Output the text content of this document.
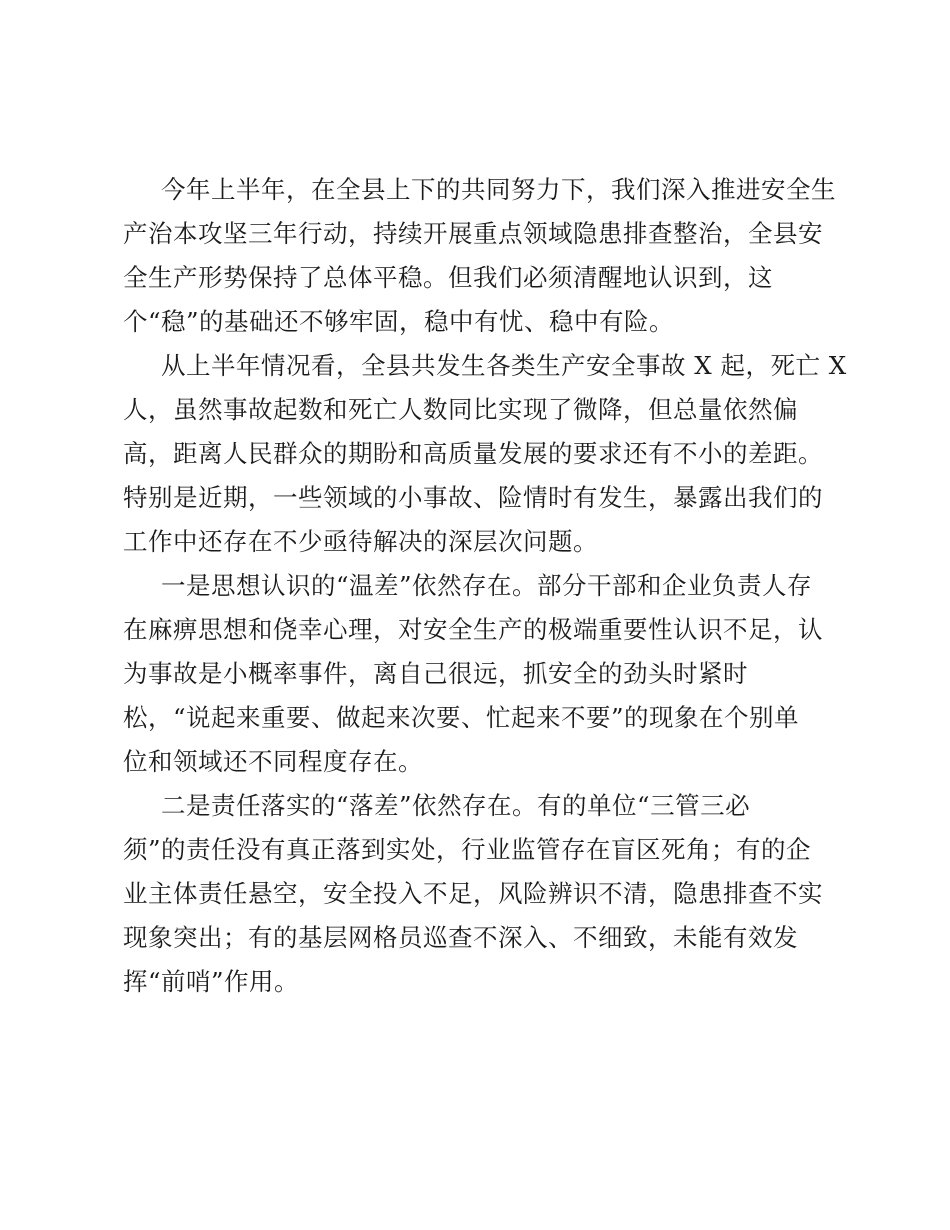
今年上半年，在全县上下的共同努力下，我们深入推进安全生
产治本攻坚三年行动，持续开展重点领域隐患排查整治，全县安
全生产形势保持了总体平稳。但我们必须清醒地认识到，这
个“稳”的基础还不够牢固，稳中有忧、稳中有险。
从上半年情况看，全县共发生各类生产安全事故 X 起，死亡 X
人，虽然事故起数和死亡人数同比实现了微降，但总量依然偏
高，距离人民群众的期盼和高质量发展的要求还有不小的差距。
特别是近期，一些领域的小事故、险情时有发生，暴露出我们的
工作中还存在不少亟待解决的深层次问题。
一是思想认识的“温差”依然存在。部分干部和企业负责人存
在麻痹思想和侥幸心理，对安全生产的极端重要性认识不足，认
为事故是小概率事件，离自己很远，抓安全的劲头时紧时
松，“说起来重要、做起来次要、忙起来不要”的现象在个别单
位和领域还不同程度存在。
二是责任落实的“落差”依然存在。有的单位“三管三必
须”的责任没有真正落到实处，行业监管存在盲区死角；有的企
业主体责任悬空，安全投入不足，风险辨识不清，隐患排查不实
现象突出；有的基层网格员巡查不深入、不细致，未能有效发
挥“前哨”作用。
